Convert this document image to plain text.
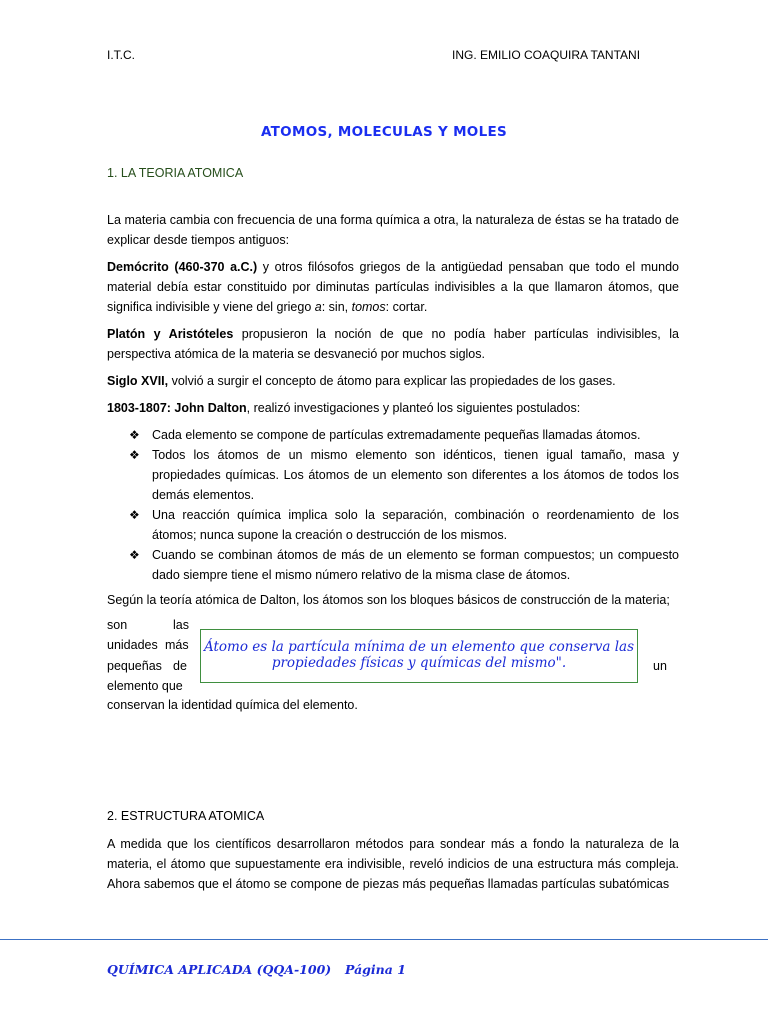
I.T.C.	ING. EMILIO COAQUIRA TANTANI
ATOMOS, MOLECULAS Y MOLES
1. LA TEORIA ATOMICA

La materia cambia con frecuencia de una forma química a otra, la naturaleza de éstas se ha tratado de explicar desde tiempos antiguos:

Demócrito (460-370 a.C.) y otros filósofos griegos de la antigüedad pensaban que todo el mundo material debía estar constituido por diminutas partículas indivisibles a la que llamaron átomos, que significa indivisible y viene del griego a: sin, tomos: cortar.

Platón y Aristóteles propusieron la noción de que no podía haber partículas indivisibles, la perspectiva atómica de la materia se desvaneció por muchos siglos.

Siglo XVII, volvió a surgir el concepto de átomo para explicar las propiedades de los gases.

1803-1807: John Dalton, realizó investigaciones y planteó los siguientes postulados:

❖ Cada elemento se compone de partículas extremadamente pequeñas llamadas átomos.
❖ Todos los átomos de un mismo elemento son idénticos, tienen igual tamaño, masa y propiedades químicas. Los átomos de un elemento son diferentes a los átomos de todos los demás elementos.
❖ Una reacción química implica solo la separación, combinación o reordenamiento de los átomos; nunca supone la creación o destrucción de los mismos.
❖ Cuando se combinan átomos de más de un elemento se forman compuestos; un compuesto dado siempre tiene el mismo número relativo de la misma clase de átomos.

Según la teoría atómica de Dalton, los átomos son los bloques básicos de construcción de la materia;

son	las
unidades más
pequeñas de	un
elemento que
conservan la identidad química del elemento.
Átomo es la partícula mínima de un elemento que conserva las propiedades físicas y químicas del mismo".
2. ESTRUCTURA ATOMICA

A medida que los científicos desarrollaron métodos para sondear más a fondo la naturaleza de la materia, el átomo que supuestamente era indivisible, reveló indicios de una estructura más compleja. Ahora sabemos que el átomo se compone de piezas más pequeñas llamadas partículas subatómicas

QUÍMICA APLICADA (QQA-100) Página 1
